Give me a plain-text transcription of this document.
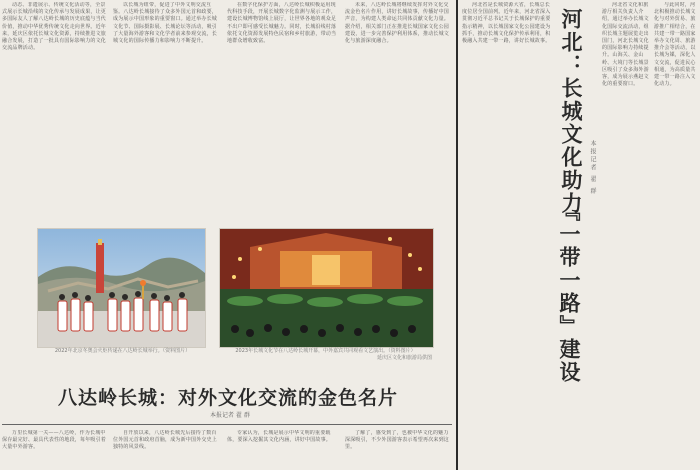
动态、非遗展示、传统文化活动等，全景式展示长城沿线的文化传承与发展成果，让更多国际友人了解八达岭长城的历史底蕴与当代价值，推动中华优秀传统文化走向世界。近年来，延庆区依托长城文化资源，持续推进文旅融合发展，打造了一批具有国际影响力的文化交流品牌活动。

以长城为纽带，促进了中外文明交流互鉴。八达岭长城接待了众多外国元首和政要，成为展示中国形象的重要窗口。通过举办长城文化节、国际摄影展、长城论坛等活动，吸引了大量海外游客和文化学者前来参观交流，长城文化的国际传播力和影响力不断提升。

在数字化保护方面，八达岭长城积极运用现代科技手段，开展长城数字化监测与展示工作，建设长城博物馆线上展厅，让世界各地的观众足不出户即可感受长城魅力。同时，长城沿线村落依托文化资源发展特色民宿和乡村旅游，带动当地群众增收致富。

未来，八达岭长城将继续发挥对外文化交流金色名片作用，讲好长城故事，传播好中国声音，为构建人类命运共同体贡献文化力量。据介绍，相关部门正在推进长城国家文化公园建设，进一步完善保护利用体系，推动长城文化与旅游深度融合。

2022年北京冬奥会火炬传递在八达岭长城举行。（资料图片）	2023年长城文化节在八达岭长城开幕，中外嘉宾共同观看文艺演出。（资料图片）
延庆区文化和旅游局供图
八达岭长城：对外文化交流的金色名片
本报记者 翟 群

万里长城第一关——八达岭，作为长城中保存最完好、最具代表性的地段，每年吸引着大量中外游客。

自开放以来，八达岭长城先后接待了数百位外国元首和政府首脑，成为新中国外交史上独特的风景线。

专家认为，长城是展示中华文明的重要载体，要深入挖掘其文化内涵，讲好中国故事。

了解了，感受到了，也被中华文化的魅力深深吸引，不少外国游客表示希望再次来到这里。

河北省是长城资源大省，长城总长度位居全国前列。近年来，河北省深入贯彻习近平总书记关于长城保护的重要指示精神，以长城国家文化公园建设为抓手，推动长城文化保护传承利用，积极融入共建一带一路，讲好长城故事。 河北：长城文化助力
『一带一路』建设
本报记者 翟 群

河北省文化和旅游厅相关负责人介绍，通过举办长城文化国际交流活动，组织长城主题展览走出国门，河北长城文化的国际影响力持续提升。山海关、金山岭、大境门等长城景区吸引了众多海外游客，成为展示燕赵文化的重要窗口。

与此同时，河北积极推动长城文化与对外贸易、旅游推广相结合，在共建一带一路国家举办文化周、旅游推介会等活动，以长城为媒，深化人文交流，促进民心相通，为高质量共建一带一路注入文化动力。
